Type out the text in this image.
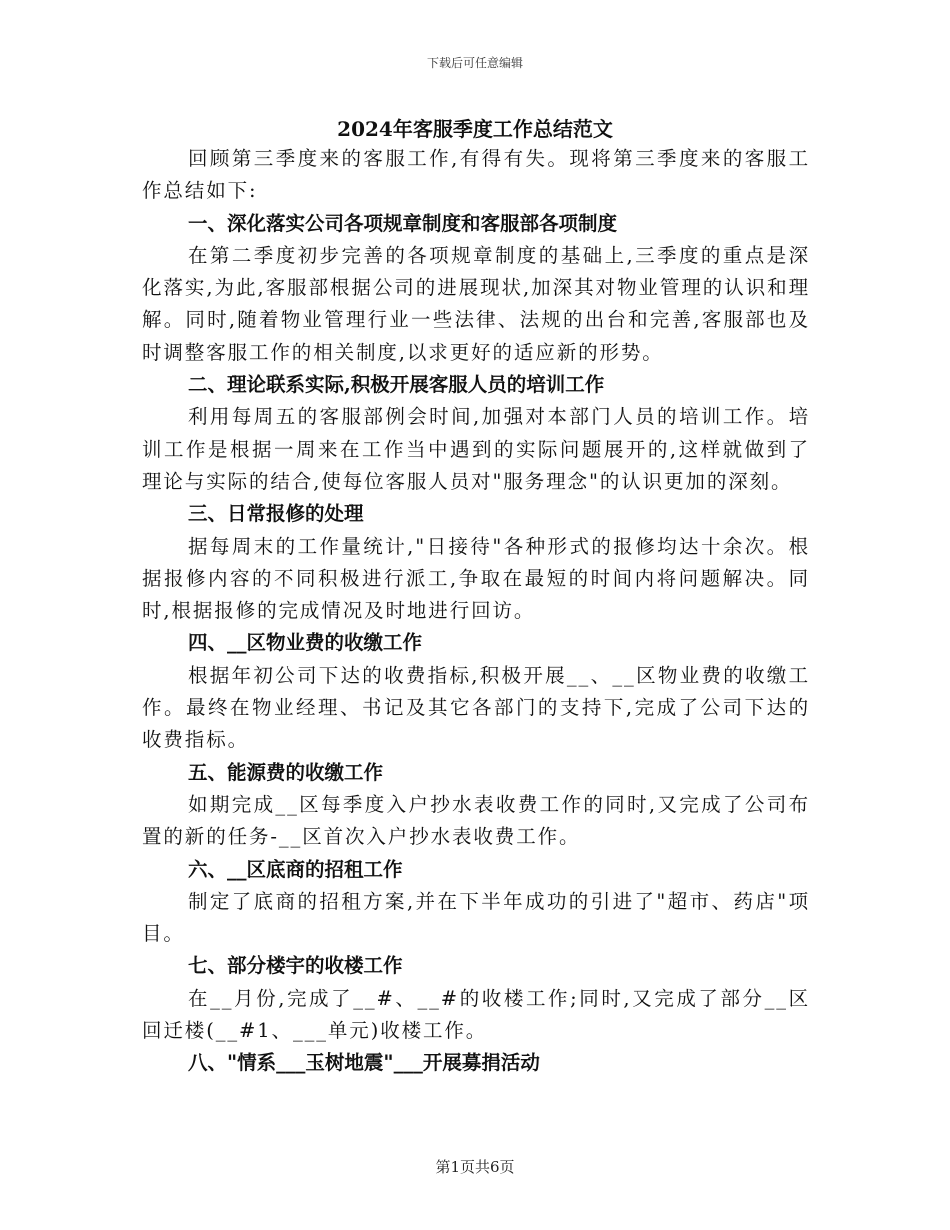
下载后可任意编辑
2024年客服季度工作总结范文

回顾第三季度来的客服工作,有得有失。现将第三季度来的客服工作总结如下:

一、深化落实公司各项规章制度和客服部各项制度

在第二季度初步完善的各项规章制度的基础上,三季度的重点是深化落实,为此,客服部根据公司的进展现状,加深其对物业管理的认识和理解。同时,随着物业管理行业一些法律、法规的出台和完善,客服部也及时调整客服工作的相关制度,以求更好的适应新的形势。

二、理论联系实际,积极开展客服人员的培训工作

利用每周五的客服部例会时间,加强对本部门人员的培训工作。培训工作是根据一周来在工作当中遇到的实际问题展开的,这样就做到了理论与实际的结合,使每位客服人员对"服务理念"的认识更加的深刻。

三、日常报修的处理

据每周末的工作量统计,"日接待"各种形式的报修均达十余次。根据报修内容的不同积极进行派工,争取在最短的时间内将问题解决。同时,根据报修的完成情况及时地进行回访。

四、__区物业费的收缴工作

根据年初公司下达的收费指标,积极开展__、__区物业费的收缴工作。最终在物业经理、书记及其它各部门的支持下,完成了公司下达的收费指标。

五、能源费的收缴工作

如期完成__区每季度入户抄水表收费工作的同时,又完成了公司布置的新的任务-__区首次入户抄水表收费工作。

六、__区底商的招租工作

制定了底商的招租方案,并在下半年成功的引进了"超市、药店"项目。

七、部分楼宇的收楼工作

在__月份,完成了__#、__#的收楼工作;同时,又完成了部分__区回迁楼(__#1、___单元)收楼工作。

八、"情系___玉树地震"___开展募捐活动

第1页共6页
